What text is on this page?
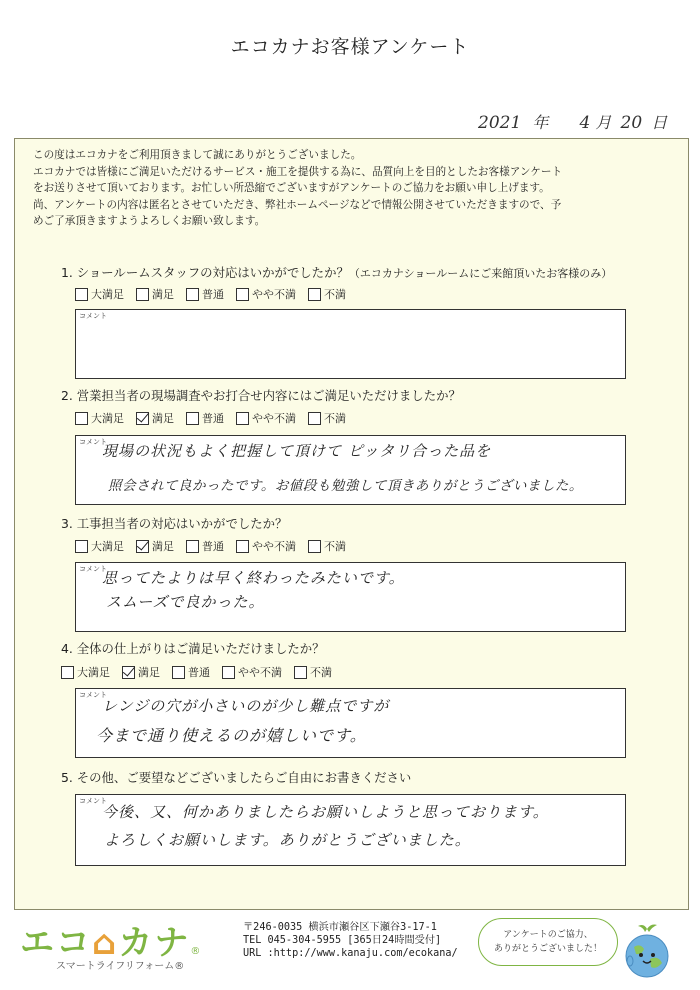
エコカナお客様アンケート
2021 年 4 月 20 日
この度はエコカナをご利用頂きまして誠にありがとうございました。
エコカナでは皆様にご満足いただけるサービス・施工を提供する為に、品質向上を目的としたお客様アンケート
をお送りさせて頂いております。お忙しい所恐縮でございますがアンケートのご協力をお願い申し上げます。
尚、アンケートの内容は匿名とさせていただき、弊社ホームページなどで情報公開させていただきますので、予
めご了承頂きますようよろしくお願い致します。
1. ショールームスタッフの対応はいかがでしたか？（エコカナショールームにご来館頂いたお客様のみ）
大満足	満足	普通	やや不満	不満
コメント
2. 営業担当者の現場調査やお打合せ内容にはご満足いただけましたか？
大満足	満足	普通	やや不満	不満
コメント
現場の状況もよく把握して頂けて ピッタリ合った品を
照会されて良かったです。お値段も勉強して頂きありがとうございました。
3. 工事担当者の対応はいかがでしたか？
大満足	満足	普通	やや不満	不満
コメント
思ってたよりは早く終わったみたいです。
スムーズで良かった。
4. 全体の仕上がりはご満足いただけましたか？
大満足	満足	普通	やや不満	不満
コメント
レンジの穴が小さいのが少し難点ですが
今まで通り使えるのが嬉しいです。
5. その他、ご要望などございましたらご自由にお書きください
コメント
今後、又、何かありましたらお願いしようと思っております。
よろしくお願いします。ありがとうございました。
エコ⌂カナ®
スマートライフリフォーム®
〒246-0035 横浜市瀬谷区下瀬谷3-17-1
TEL 045-304-5955 [365日24時間受付]
URL :http://www.kanaju.com/ecokana/
アンケートのご協力、
ありがとうございました！
